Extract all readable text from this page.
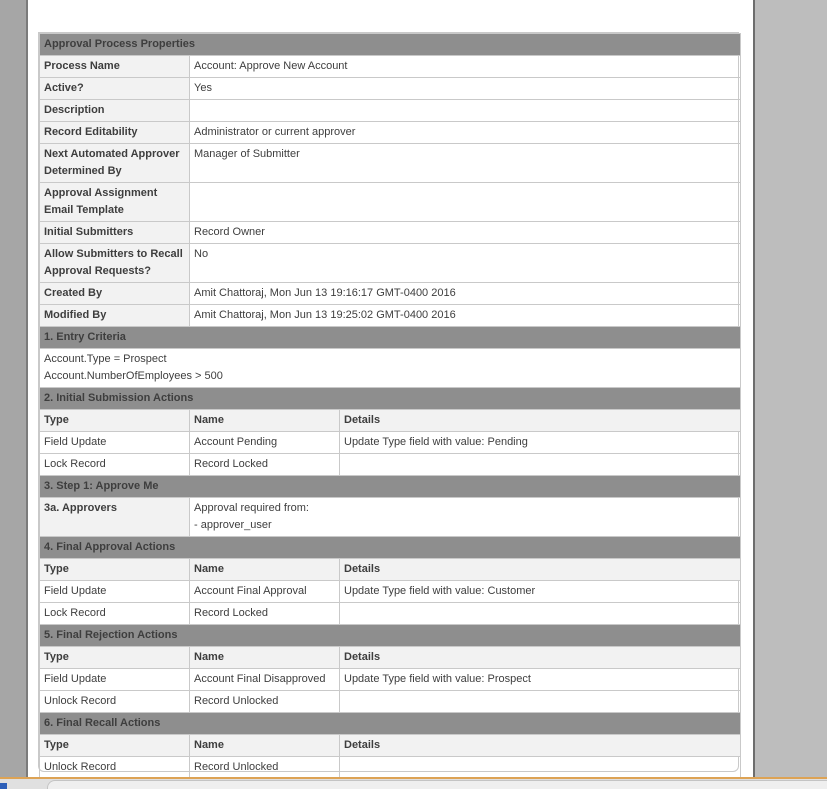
Approval Process Properties		
Process Name	Account: Approve New Account	
Active?	Yes	
Description		
Record Editability	Administrator or current approver	
Next Automated Approver Determined By	Manager of Submitter	
Approval Assignment Email Template		
Initial Submitters	Record Owner	
Allow Submitters to Recall Approval Requests?	No	
Created By	Amit Chattoraj, Mon Jun 13 19:16:17 GMT-0400 2016	
Modified By	Amit Chattoraj, Mon Jun 13 19:25:02 GMT-0400 2016	
1. Entry Criteria		

Account.Type = Prospect
Account.NumberOfEmployees > 500		

2. Initial Submission Actions		
Type	Name	Details
Field Update	Account Pending	Update Type field with value: Pending
Lock Record	Record Locked	
3. Step 1: Approve Me		
3a. Approvers	Approval required from:
- approver_user	

4. Final Approval Actions		
Type	Name	Details
Field Update	Account Final Approval	Update Type field with value: Customer
Lock Record	Record Locked	
5. Final Rejection Actions		
Type	Name	Details
Field Update	Account Final Disapproved	Update Type field with value: Prospect
Unlock Record	Record Unlocked	
6. Final Recall Actions		
Type	Name	Details
Unlock Record	Record Unlocked	
